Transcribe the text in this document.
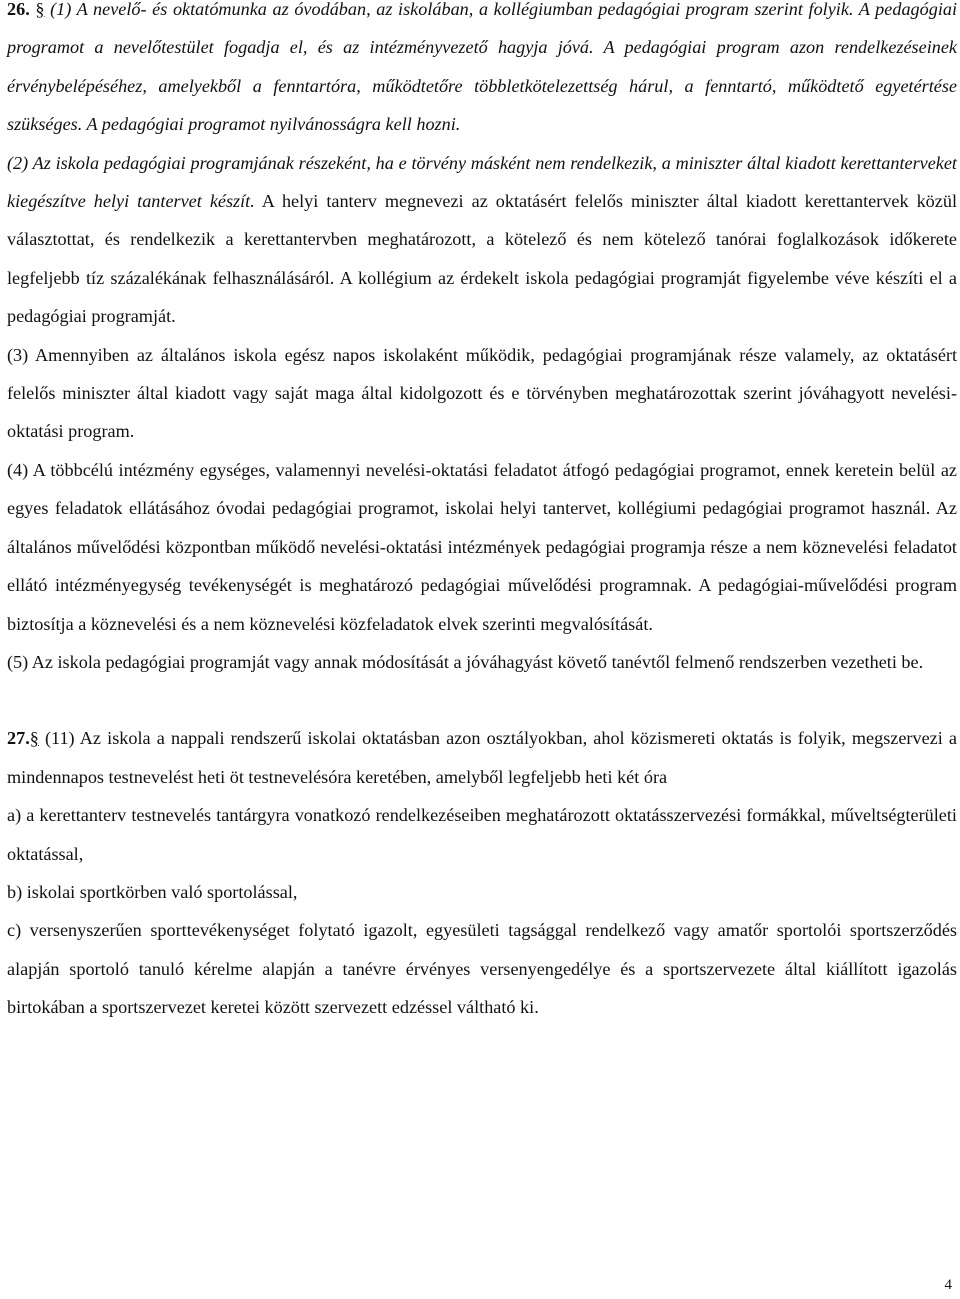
26. § (1) A nevelő- és oktatómunka az óvodában, az iskolában, a kollégiumban pedagógiai program szerint folyik. A pedagógiai programot a nevelőtestület fogadja el, és az intézményvezető hagyja jóvá. A pedagógiai program azon rendelkezéseinek érvénybelépéséhez, amelyekből a fenntartóra, működtetőre többletkötelezettség hárul, a fenntartó, működtető egyetértése szükséges. A pedagógiai programot nyilvánosságra kell hozni.

(2) Az iskola pedagógiai programjának részeként, ha e törvény másként nem rendelkezik, a miniszter által kiadott kerettanterveket kiegészítve helyi tantervet készít. A helyi tanterv megnevezi az oktatásért felelős miniszter által kiadott kerettantervek közül választottat, és rendelkezik a kerettantervben meghatározott, a kötelező és nem kötelező tanórai foglalkozások időkerete legfeljebb tíz százalékának felhasználásáról. A kollégium az érdekelt iskola pedagógiai programját figyelembe véve készíti el a pedagógiai programját.

(3) Amennyiben az általános iskola egész napos iskolaként működik, pedagógiai programjának része valamely, az oktatásért felelős miniszter által kiadott vagy saját maga által kidolgozott és e törvényben meghatározottak szerint jóváhagyott nevelési-oktatási program.

(4) A többcélú intézmény egységes, valamennyi nevelési-oktatási feladatot átfogó pedagógiai programot, ennek keretein belül az egyes feladatok ellátásához óvodai pedagógiai programot, iskolai helyi tantervet, kollégiumi pedagógiai programot használ. Az általános művelődési központban működő nevelési-oktatási intézmények pedagógiai programja része a nem köznevelési feladatot ellátó intézményegység tevékenységét is meghatározó pedagógiai művelődési programnak. A pedagógiai-művelődési program biztosítja a köznevelési és a nem köznevelési közfeladatok elvek szerinti megvalósítását.

(5) Az iskola pedagógiai programját vagy annak módosítását a jóváhagyást követő tanévtől felmenő rendszerben vezetheti be.

27.§ (11) Az iskola a nappali rendszerű iskolai oktatásban azon osztályokban, ahol közismereti oktatás is folyik, megszervezi a mindennapos testnevelést heti öt testnevelésóra keretében, amelyből legfeljebb heti két óra

a) a kerettanterv testnevelés tantárgyra vonatkozó rendelkezéseiben meghatározott oktatásszervezési formákkal, műveltségterületi oktatással,

b) iskolai sportkörben való sportolással,

c) versenyszerűen sporttevékenységet folytató igazolt, egyesületi tagsággal rendelkező vagy amatőr sportolói sportszerződés alapján sportoló tanuló kérelme alapján a tanévre érvényes versenyengedélye és a sportszervezete által kiállított igazolás birtokában a sportszervezet keretei között szervezett edzéssel váltható ki.

4
